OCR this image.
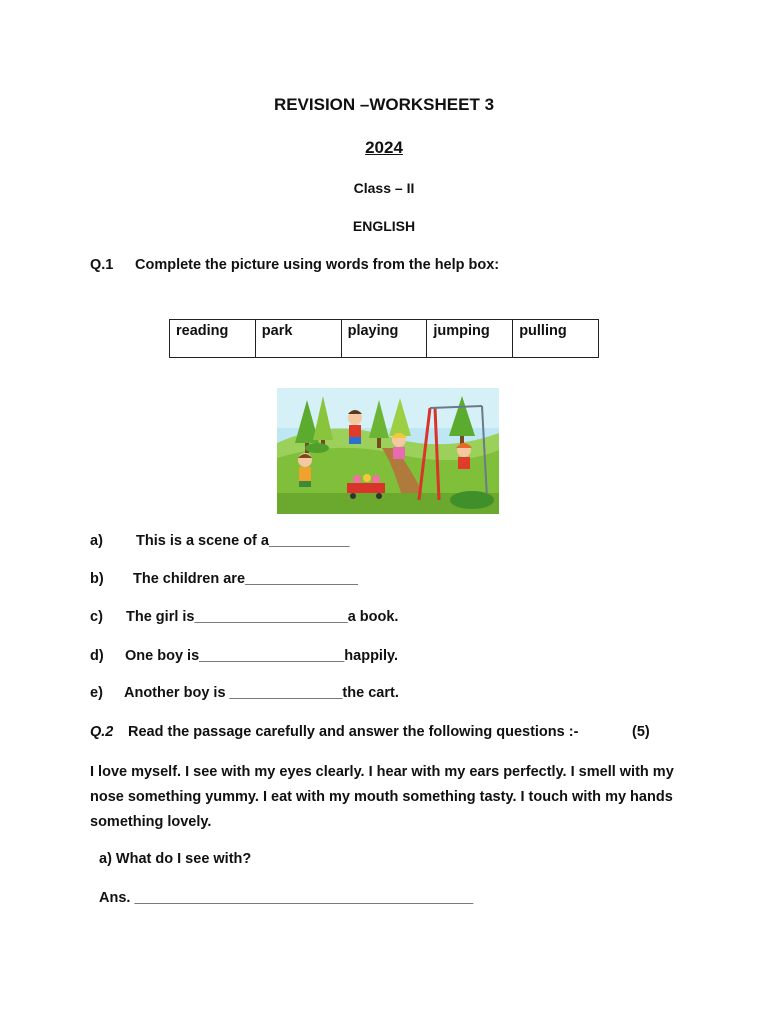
REVISION –WORKSHEET 3
2024
Class – II
ENGLISH
Q.1 Complete the picture using words from the help box:
reading	park	playing	jumping	pulling
a) This is a scene of a__________
b) The children are______________
c) The girl is___________________a book.
d) One boy is__________________happily.
e) Another boy is ______________the cart.
Q.2 Read the passage carefully and answer the following questions :-	(5)
I love myself. I see with my eyes clearly. I hear with my ears perfectly. I smell with my nose something yummy. I eat with my mouth something tasty. I touch with my hands something lovely.
a) What do I see with?
Ans. __________________________________________
